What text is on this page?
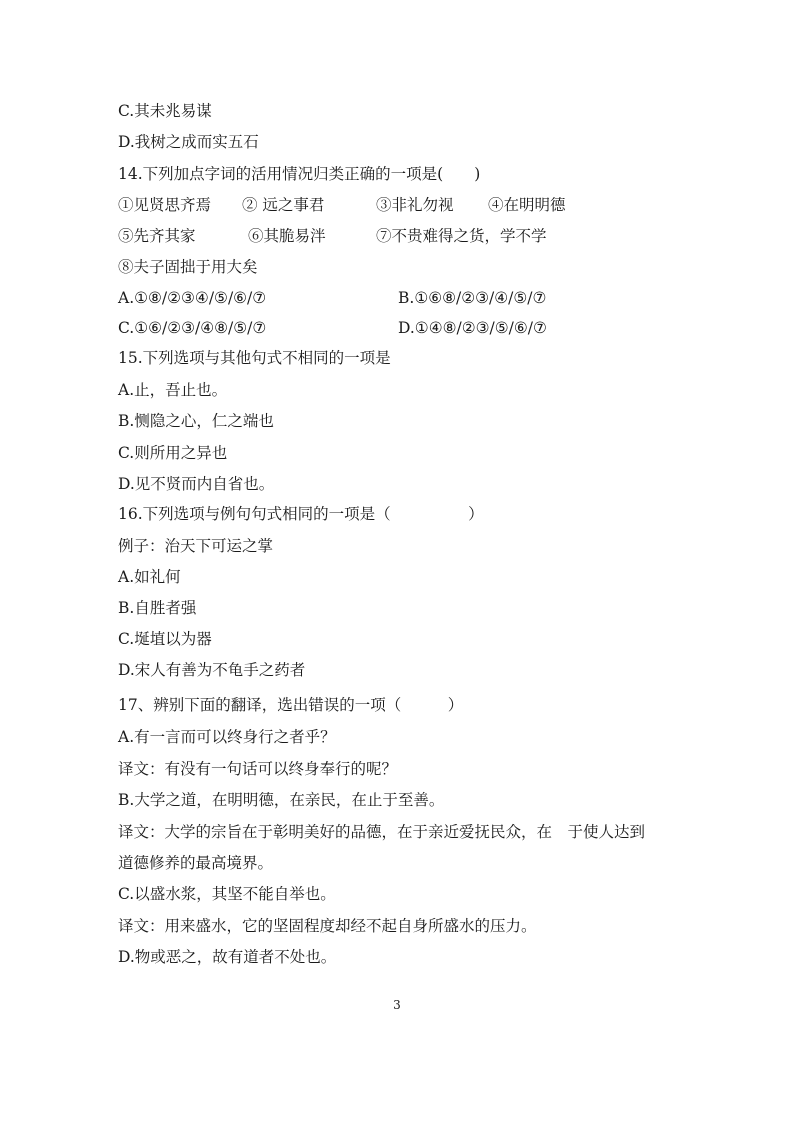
C.其未兆易谋
D.我树之成而实五石
14.下列加点字词的活用情况归类正确的一项是(　　)
①见贤思齐焉 ② 远之事君	③非礼勿视 ④在明明德
⑤先齐其家	⑥其脆易泮	⑦不贵难得之货，学不学
⑧夫子固拙于用大矣
A.①⑧/②③④/⑤/⑥/⑦	B.①⑥⑧/②③/④/⑤/⑦
C.①⑥/②③/④⑧/⑤/⑦	D.①④⑧/②③/⑤/⑥/⑦
15.下列选项与其他句式不相同的一项是
A.止，吾止也。
B.恻隐之心，仁之端也
C.则所用之异也
D.见不贤而内自省也。
16.下列选项与例句句式相同的一项是（　　　　　）
例子：治天下可运之掌
A.如礼何
B.自胜者强
C.埏埴以为器
D.宋人有善为不龟手之药者
17、辨别下面的翻译，选出错误的一项（　　　）
A.有一言而可以终身行之者乎？
译文：有没有一句话可以终身奉行的呢？
B.大学之道，在明明德，在亲民，在止于至善。
译文：大学的宗旨在于彰明美好的品德，在于亲近爱抚民众，在　于使人达到
道德修养的最高境界。
C.以盛水浆，其坚不能自举也。
译文：用来盛水，它的坚固程度却经不起自身所盛水的压力。
D.物或恶之，故有道者不处也。
3
